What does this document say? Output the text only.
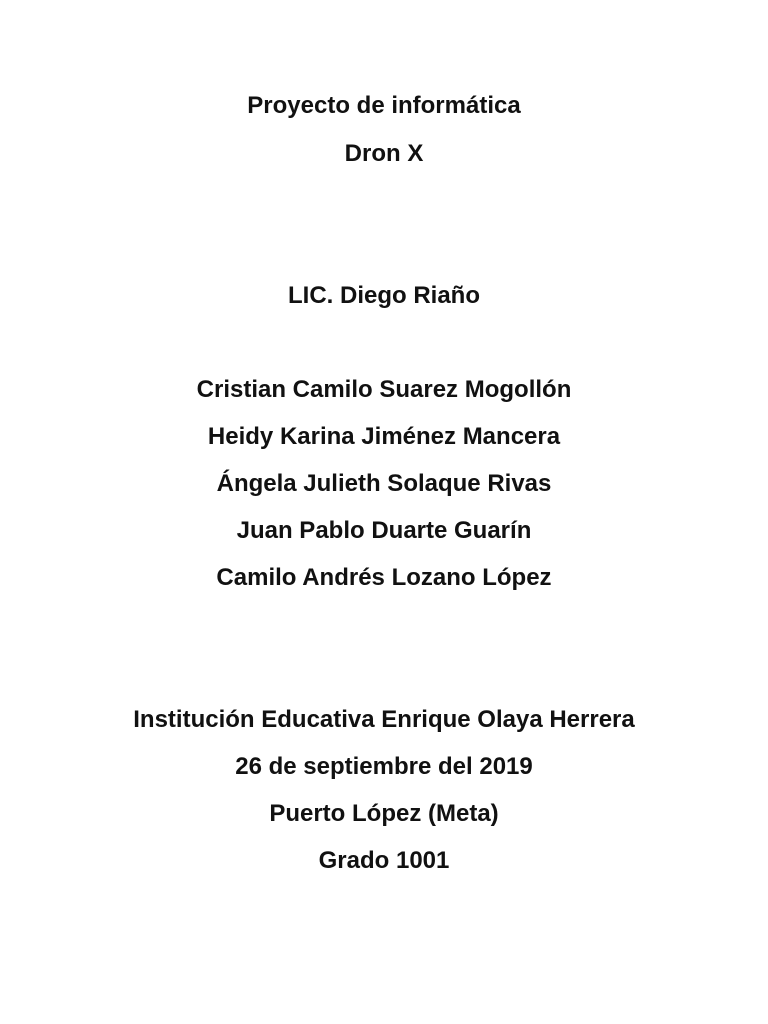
Proyecto de informática
Dron X
LIC. Diego Riaño
Cristian Camilo Suarez Mogollón
Heidy Karina Jiménez Mancera
Ángela Julieth Solaque Rivas
Juan Pablo Duarte Guarín
Camilo Andrés Lozano López
Institución Educativa Enrique Olaya Herrera
26 de septiembre del 2019
Puerto López (Meta)
Grado 1001
